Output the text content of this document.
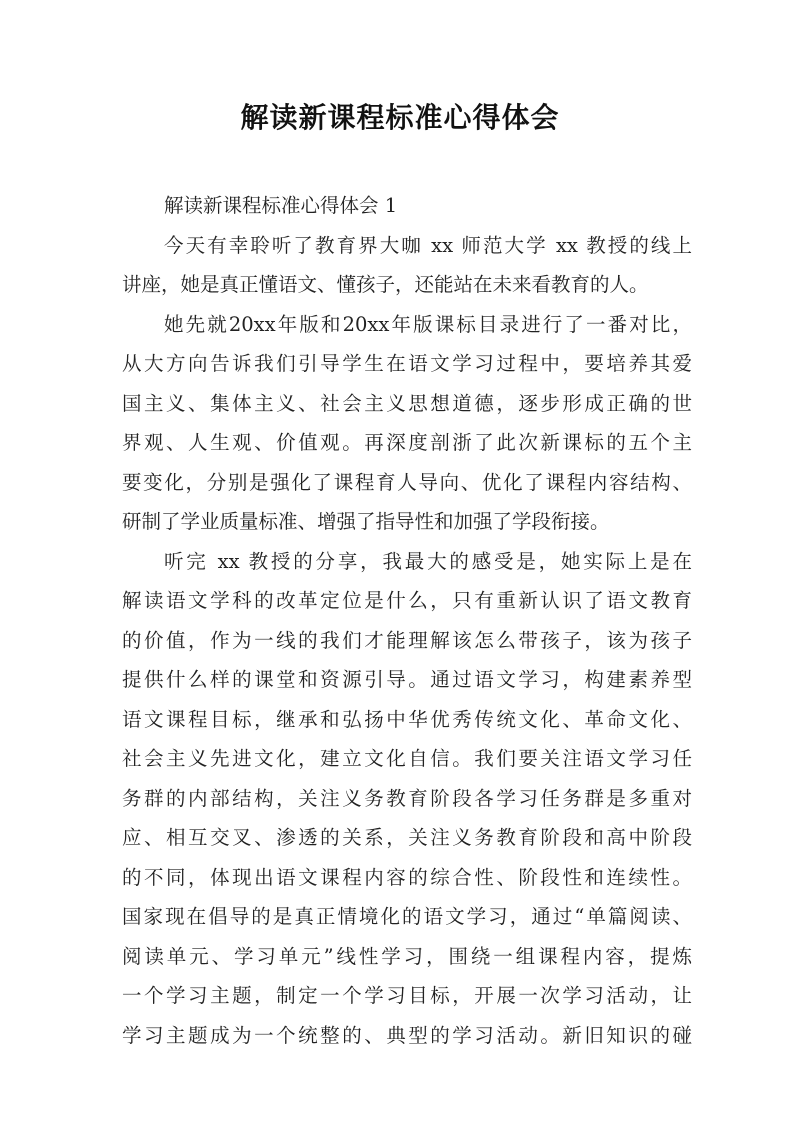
解读新课程标准心得体会
解读新课程标准心得体会 1
今天有幸聆听了教育界大咖 xx 师范大学 xx 教授的线上
讲座，她是真正懂语文、懂孩子，还能站在未来看教育的人。
她先就20xx年版和20xx年版课标目录进行了一番对比，
从大方向告诉我们引导学生在语文学习过程中，要培养其爱
国主义、集体主义、社会主义思想道德，逐步形成正确的世
界观、人生观、价值观。再深度剖浙了此次新课标的五个主
要变化，分别是强化了课程育人导向、优化了课程内容结构、
研制了学业质量标准、增强了指导性和加强了学段衔接。
听完 xx 教授的分享，我最大的感受是，她实际上是在
解读语文学科的改革定位是什么，只有重新认识了语文教育
的价值，作为一线的我们才能理解该怎么带孩子，该为孩子
提供什么样的课堂和资源引导。通过语文学习，构建素养型
语文课程目标，继承和弘扬中华优秀传统文化、革命文化、
社会主义先进文化，建立文化自信。我们要关注语文学习任
务群的内部结构，关注义务教育阶段各学习任务群是多重对
应、相互交叉、渗透的关系，关注义务教育阶段和高中阶段
的不同，体现出语文课程内容的综合性、阶段性和连续性。
国家现在倡导的是真正情境化的语文学习，通过“单篇阅读、
阅读单元、学习单元”线性学习，围绕一组课程内容，提炼
一个学习主题，制定一个学习目标，开展一次学习活动，让
学习主题成为一个统整的、典型的学习活动。新旧知识的碰
